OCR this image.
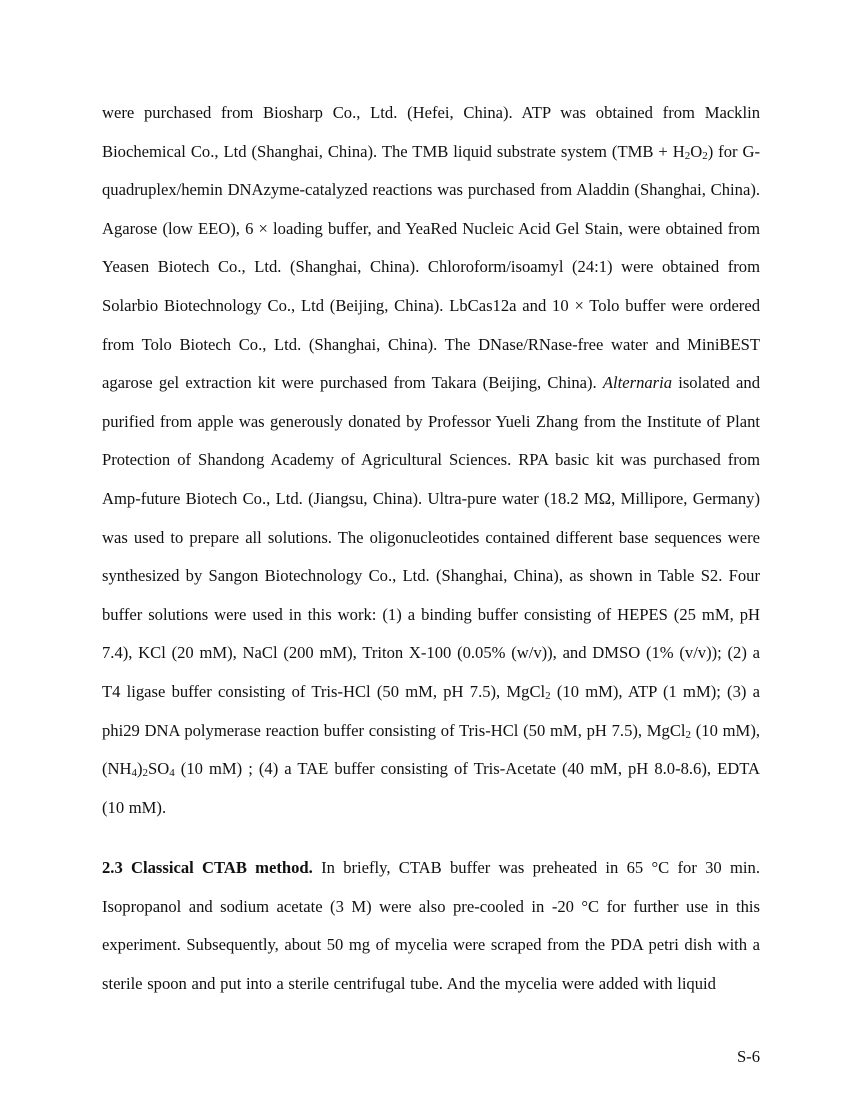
were purchased from Biosharp Co., Ltd. (Hefei, China). ATP was obtained from Macklin Biochemical Co., Ltd (Shanghai, China). The TMB liquid substrate system $(TMB + H_2O_2)$ for G-quadruplex/hemin DNAzyme-catalyzed reactions was purchased from Aladdin (Shanghai, China). Agarose (low EEO), 6 × loading buffer, and YeaRed Nucleic Acid Gel Stain, were obtained from Yeasen Biotech Co., Ltd. (Shanghai, China). Chloroform/isoamyl (24:1) were obtained from Solarbio Biotechnology Co., Ltd (Beijing, China). LbCas12a and 10 × Tolo buffer were ordered from Tolo Biotech Co., Ltd. (Shanghai, China). The DNase/RNase-free water and MiniBEST agarose gel extraction kit were purchased from Takara (Beijing, China). Alternaria isolated and purified from apple was generously donated by Professor Yueli Zhang from the Institute of Plant Protection of Shandong Academy of Agricultural Sciences. RPA basic kit was purchased from Amp-future Biotech Co., Ltd. (Jiangsu, China). Ultra-pure water (18.2 MΩ, Millipore, Germany) was used to prepare all solutions. The oligonucleotides contained different base sequences were synthesized by Sangon Biotechnology Co., Ltd. (Shanghai, China), as shown in Table S2. Four buffer solutions were used in this work: (1) a binding buffer consisting of HEPES (25 mM, pH 7.4), KCl (20 mM), NaCl (200 mM), Triton X-100 (0.05% (w/v)), and DMSO (1% (v/v)); (2) a T4 ligase buffer consisting of Tris-HCl (50 mM, pH 7.5), MgCl$_2$ (10 mM), ATP (1 mM); (3) a phi29 DNA polymerase reaction buffer consisting of Tris-HCl (50 mM, pH 7.5), MgCl$_2$ (10 mM), $(NH_4)_2SO_4$ (10 mM) ; (4) a TAE buffer consisting of Tris-Acetate (40 mM, pH 8.0-8.6), EDTA (10 mM).

2.3 Classical CTAB method. In briefly, CTAB buffer was preheated in 65 °C for 30 min. Isopropanol and sodium acetate (3 M) were also pre-cooled in -20 °C for further use in this experiment. Subsequently, about 50 mg of mycelia were scraped from the PDA petri dish with a sterile spoon and put into a sterile centrifugal tube. And the mycelia were added with liquid

S-6
